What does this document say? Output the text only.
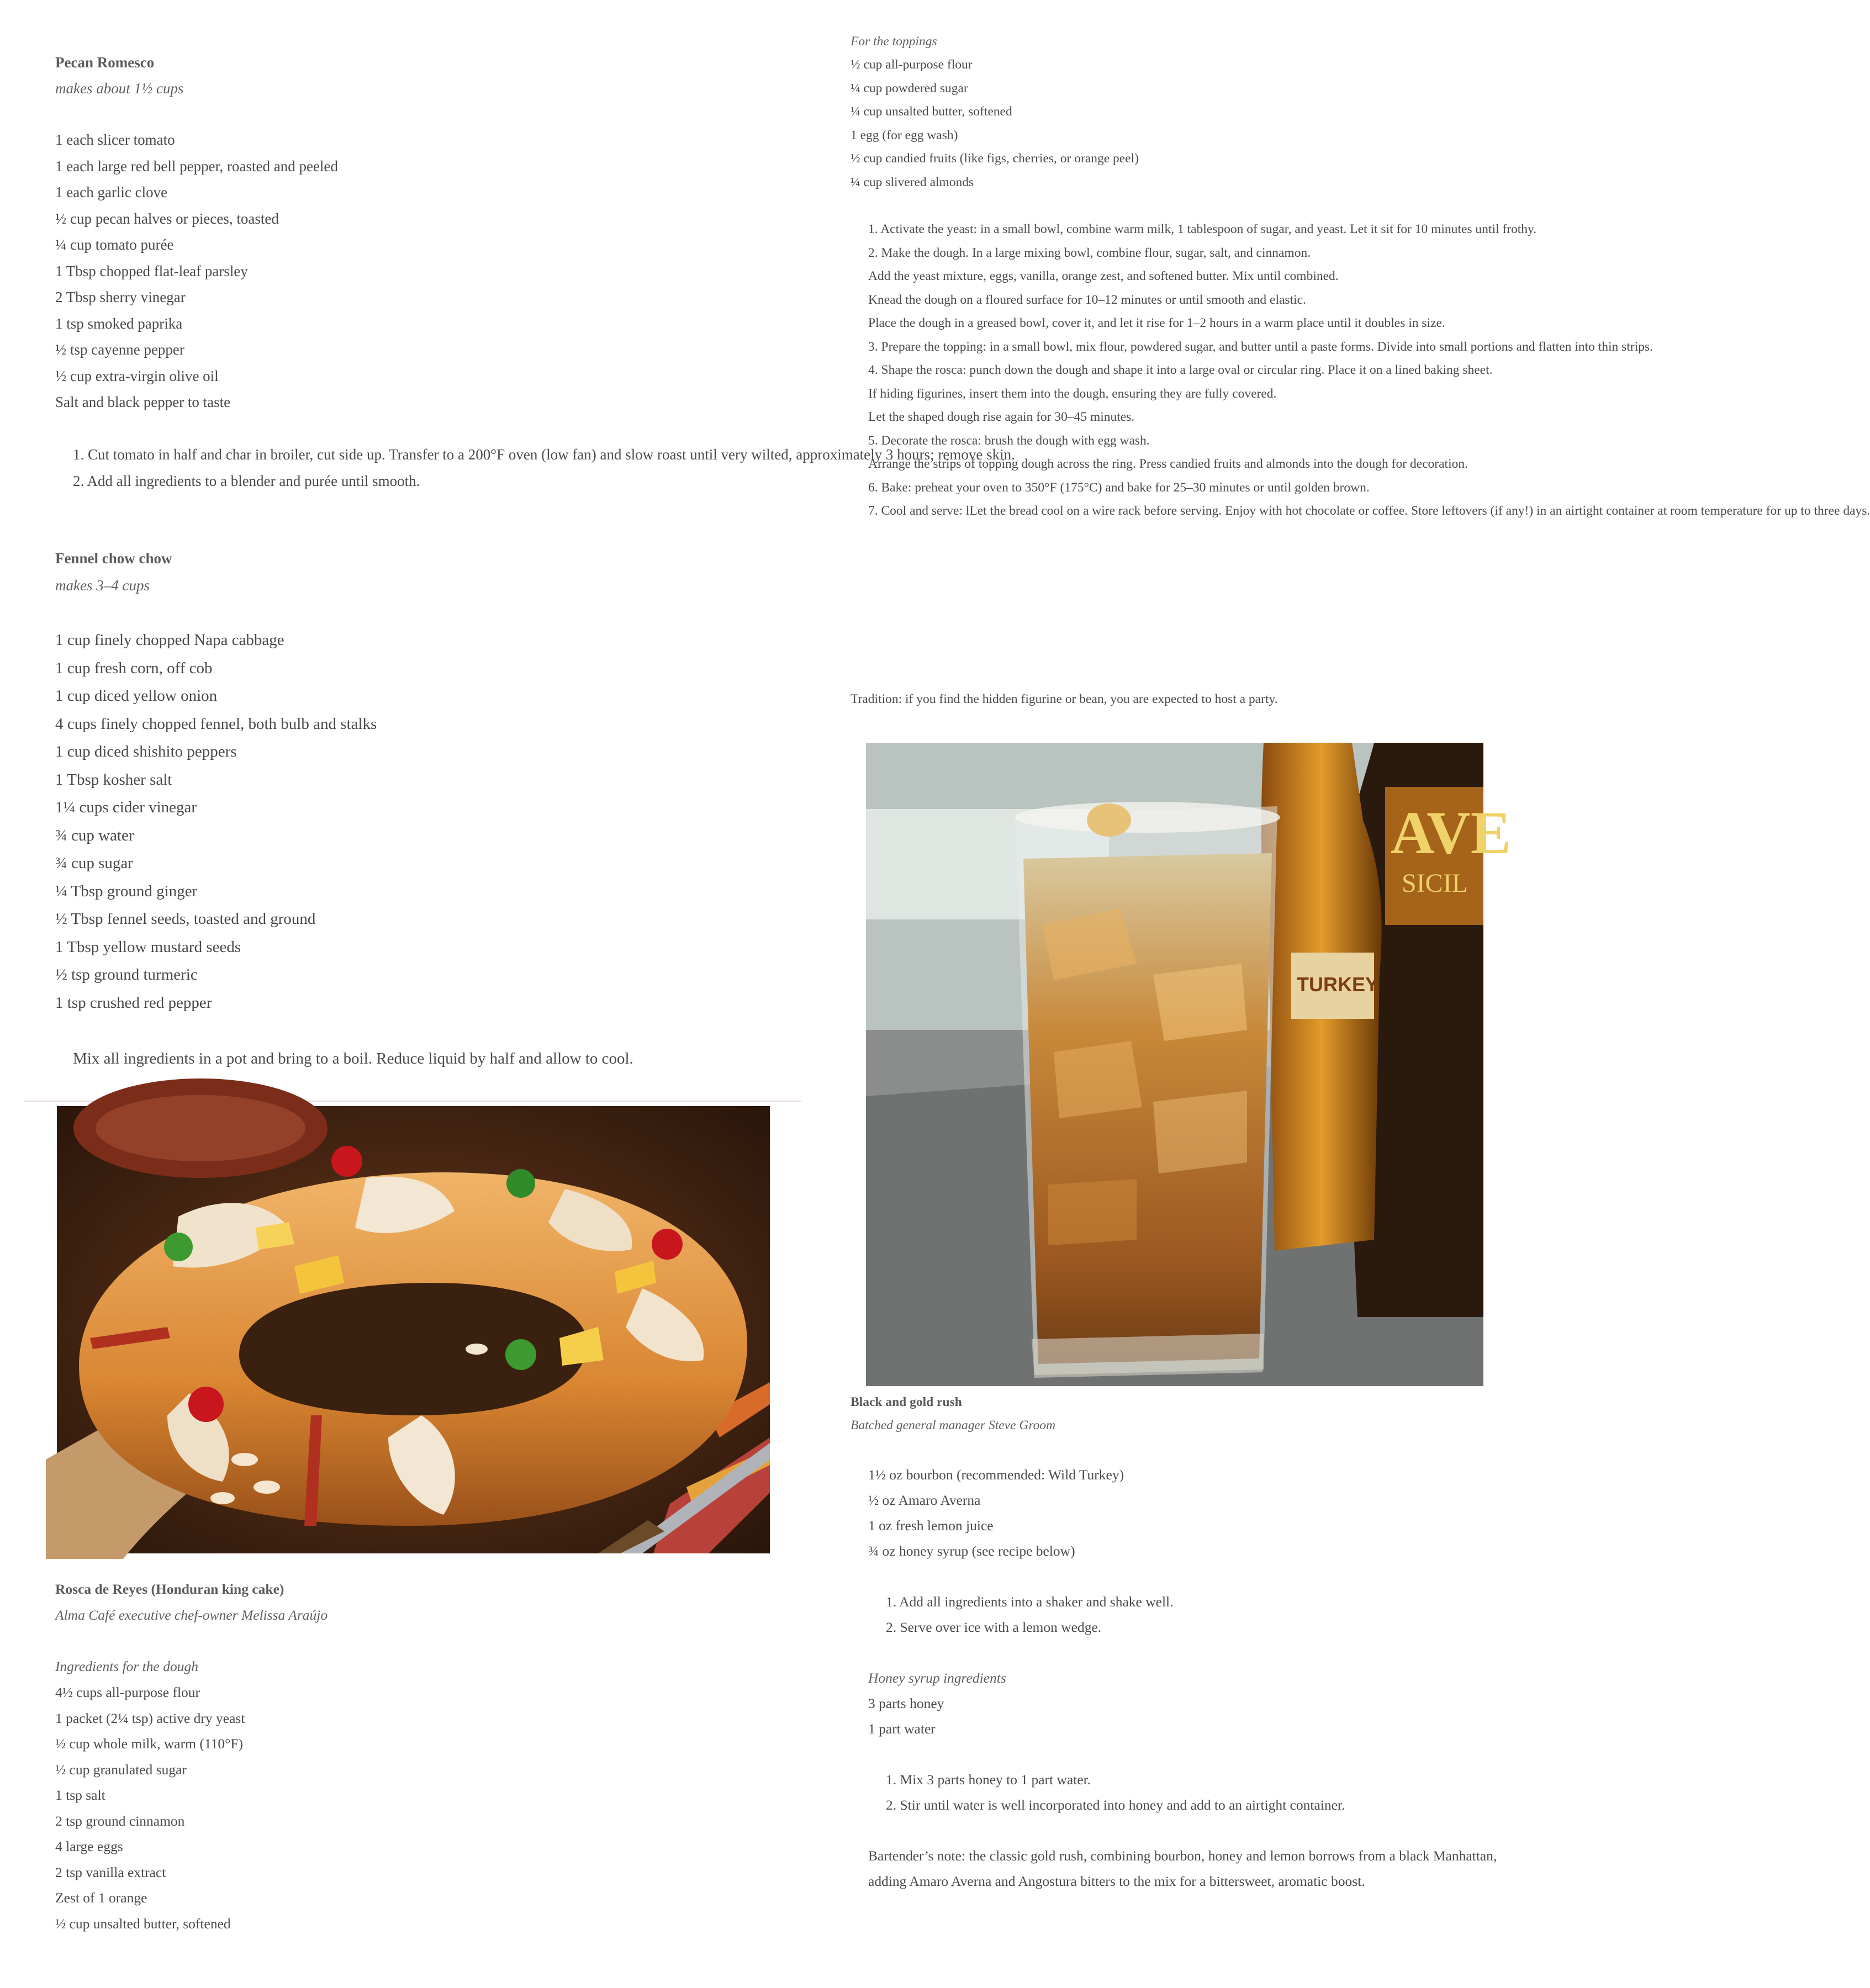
Pecan Romesco
makes about 1½ cups

1 each slicer tomato

1 each large red bell pepper, roasted and peeled

1 each garlic clove

½ cup pecan halves or pieces, toasted

¼ cup tomato purée

1 Tbsp chopped flat-leaf parsley

2 Tbsp sherry vinegar

1 tsp smoked paprika

½ tsp cayenne pepper

½ cup extra-virgin olive oil

Salt and black pepper to taste

1. Cut tomato in half and char in broiler, cut side up. Transfer to a 200°F oven (low fan) and slow roast until very wilted, approximately 3 hours; remove skin.

2. Add all ingredients to a blender and purée until smooth.

Fennel chow chow
makes 3–4 cups

1 cup finely chopped Napa cabbage

1 cup fresh corn, off cob

1 cup diced yellow onion

4 cups finely chopped fennel, both bulb and stalks

1 cup diced shishito peppers

1 Tbsp kosher salt

1¼ cups cider vinegar

¾ cup water

¾ cup sugar

¼ Tbsp ground ginger

½ Tbsp fennel seeds, toasted and ground

1 Tbsp yellow mustard seeds

½ tsp ground turmeric

1 tsp crushed red pepper

Mix all ingredients in a pot and bring to a boil. Reduce liquid by half and allow to cool.

Rosca de Reyes (Honduran king cake)
Alma Café executive chef-owner Melissa Araújo
Ingredients for the dough

4½ cups all-purpose flour

1 packet (2¼ tsp) active dry yeast

½ cup whole milk, warm (110°F)

½ cup granulated sugar

1 tsp salt

2 tsp ground cinnamon

4 large eggs

2 tsp vanilla extract

Zest of 1 orange

½ cup unsalted butter, softened

For the toppings

½ cup all-purpose flour

¼ cup powdered sugar

¼ cup unsalted butter, softened

1 egg (for egg wash)

½ cup candied fruits (like figs, cherries, or orange peel)

¼ cup slivered almonds

1. Activate the yeast: in a small bowl, combine warm milk, 1 tablespoon of sugar, and yeast. Let it sit for 10 minutes until frothy.

2. Make the dough. In a large mixing bowl, combine flour, sugar, salt, and cinnamon.

Add the yeast mixture, eggs, vanilla, orange zest, and softened butter. Mix until combined.

Knead the dough on a floured surface for 10–12 minutes or until smooth and elastic.

Place the dough in a greased bowl, cover it, and let it rise for 1–2 hours in a warm place until it doubles in size.

3. Prepare the topping: in a small bowl, mix flour, powdered sugar, and butter until a paste forms. Divide into small portions and flatten into thin strips.

4. Shape the rosca: punch down the dough and shape it into a large oval or circular ring. Place it on a lined baking sheet.

If hiding figurines, insert them into the dough, ensuring they are fully covered.

Let the shaped dough rise again for 30–45 minutes.

5. Decorate the rosca: brush the dough with egg wash.

Arrange the strips of topping dough across the ring. Press candied fruits and almonds into the dough for decoration.

6. Bake: preheat your oven to 350°F (175°C) and bake for 25–30 minutes or until golden brown.

7. Cool and serve: lLet the bread cool on a wire rack before serving. Enjoy with hot chocolate or coffee. Store leftovers (if any!) in an airtight container at room temperature for up to three days.

Tradition: if you find the hidden figurine or bean, you are expected to host a party.
AVE
SICIL
TURKEY
Black and gold rush
Batched general manager Steve Groom

1½ oz bourbon (recommended: Wild Turkey)

½ oz Amaro Averna

1 oz fresh lemon juice

¾ oz honey syrup (see recipe below)

1. Add all ingredients into a shaker and shake well.

2. Serve over ice with a lemon wedge.

Honey syrup ingredients

3 parts honey

1 part water

1. Mix 3 parts honey to 1 part water.

2. Stir until water is well incorporated into honey and add to an airtight container.

Bartender’s note: the classic gold rush, combining bourbon, honey and lemon borrows from a black Manhattan, adding Amaro Averna and Angostura bitters to the mix for a bittersweet, aromatic boost.
